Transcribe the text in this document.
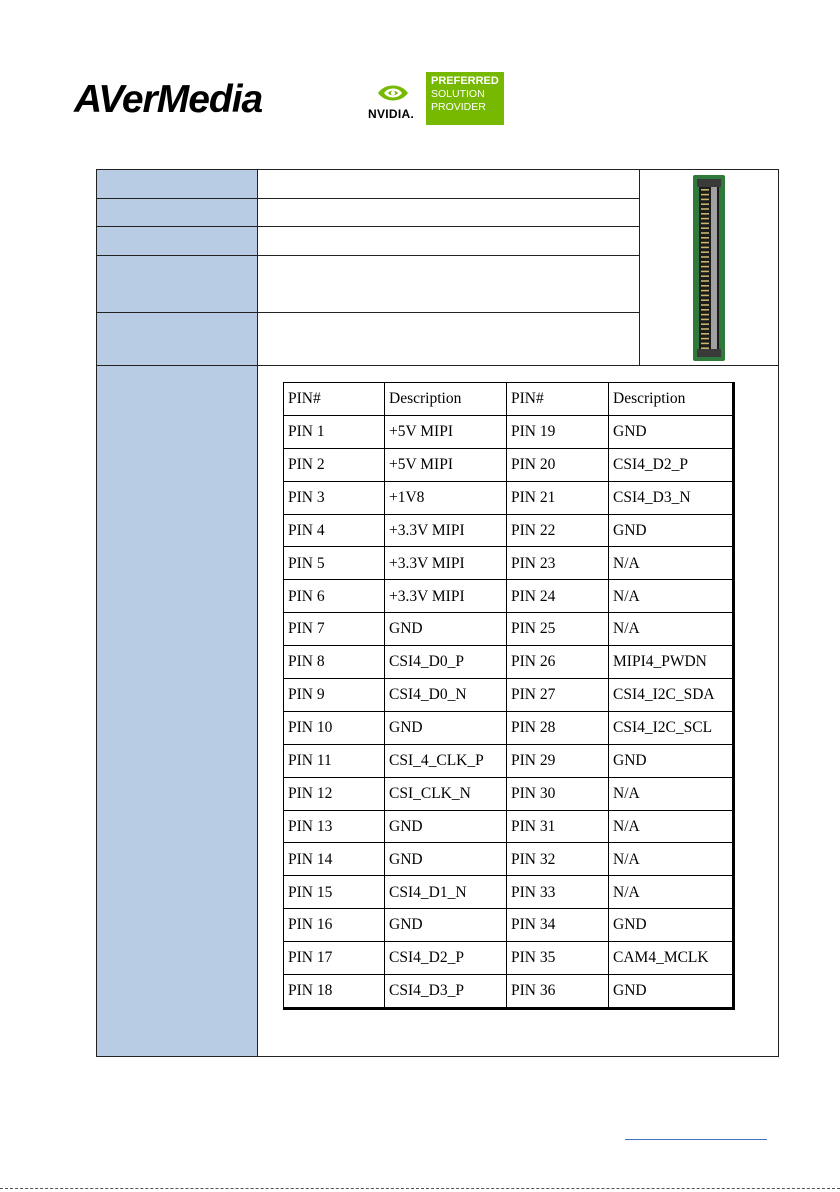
AVerMedia	NVIDIA.
PREFERRED
SOLUTION
PROVIDER

PIN#	Description	PIN#	Description
PIN 1	+5V MIPI	PIN 19	GND
PIN 2	+5V MIPI	PIN 20	CSI4_D2_P
PIN 3	+1V8	PIN 21	CSI4_D3_N
PIN 4	+3.3V MIPI	PIN 22	GND
PIN 5	+3.3V MIPI	PIN 23	N/A
PIN 6	+3.3V MIPI	PIN 24	N/A
PIN 7	GND	PIN 25	N/A
PIN 8	CSI4_D0_P	PIN 26	MIPI4_PWDN
PIN 9	CSI4_D0_N	PIN 27	CSI4_I2C_SDA
PIN 10	GND	PIN 28	CSI4_I2C_SCL
PIN 11	CSI_4_CLK_P	PIN 29	GND
PIN 12	CSI_CLK_N	PIN 30	N/A
PIN 13	GND	PIN 31	N/A
PIN 14	GND	PIN 32	N/A
PIN 15	CSI4_D1_N	PIN 33	N/A
PIN 16	GND	PIN 34	GND
PIN 17	CSI4_D2_P	PIN 35	CAM4_MCLK
PIN 18	CSI4_D3_P	PIN 36	GND
